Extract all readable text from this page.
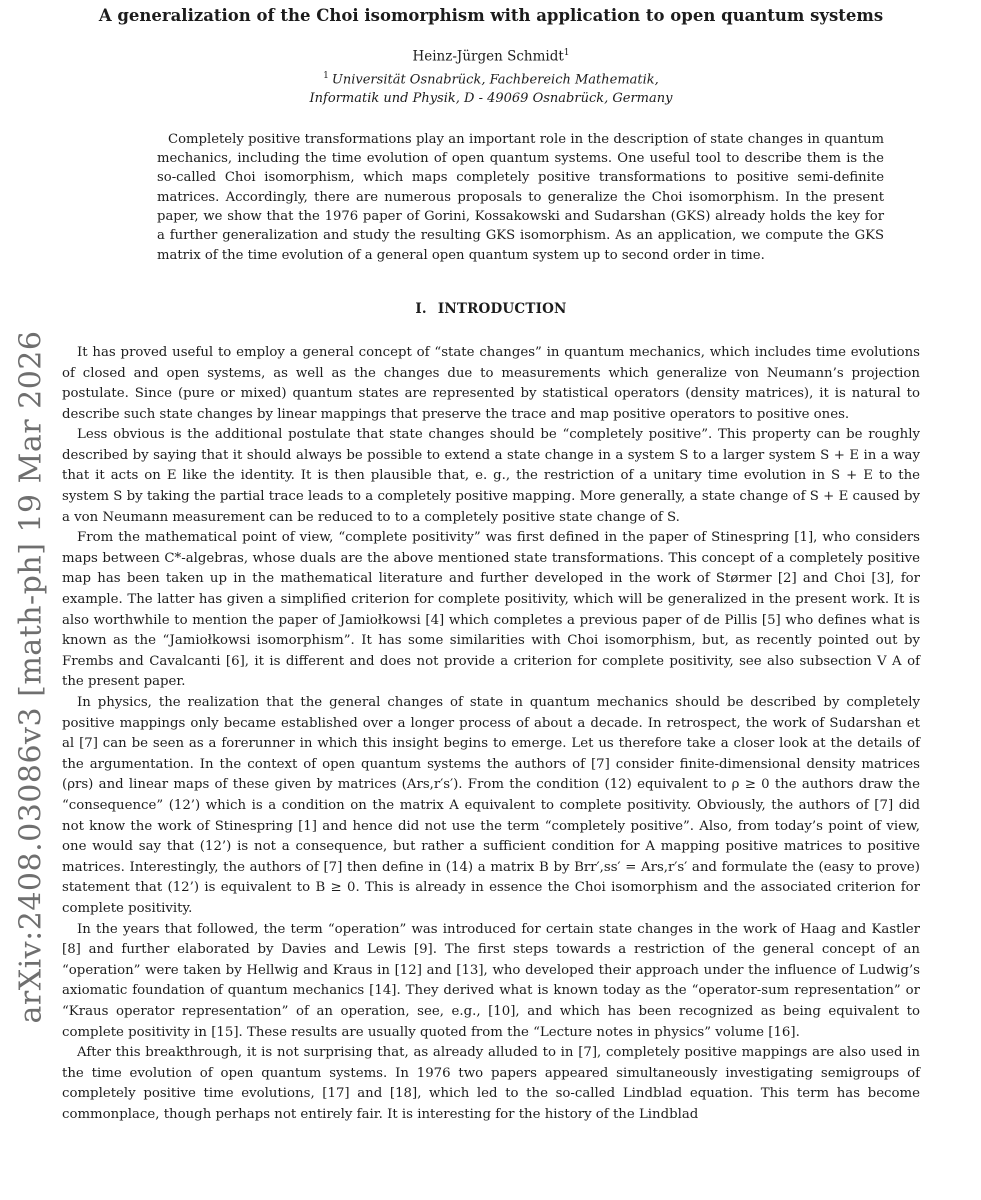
arXiv:2408.03086v3 [math-ph] 19 Mar 2026
A generalization of the Choi isomorphism with application to open quantum systems
Heinz-Jürgen Schmidt$^1$
$^1$ Universität Osnabrück, Fachbereich Mathematik,
Informatik und Physik, D - 49069 Osnabrück, Germany

Completely positive transformations play an important role in the description of state changes in quantum mechanics, including the time evolution of open quantum systems. One useful tool to describe them is the so-called Choi isomorphism, which maps completely positive transformations to positive semi-definite matrices. Accordingly, there are numerous proposals to generalize the Choi isomorphism. In the present paper, we show that the 1976 paper of Gorini, Kossakowski and Sudarshan (GKS) already holds the key for a further generalization and study the resulting GKS isomorphism. As an application, we compute the GKS matrix of the time evolution of a general open quantum system up to second order in time.

I. INTRODUCTION

It has proved useful to employ a general concept of “state changes” in quantum mechanics, which includes time evolutions of closed and open systems, as well as the changes due to measurements which generalize von Neumann’s projection postulate. Since (pure or mixed) quantum states are represented by statistical operators (density matrices), it is natural to describe such state changes by linear mappings that preserve the trace and map positive operators to positive ones.

Less obvious is the additional postulate that state changes should be “completely positive”. This property can be roughly described by saying that it should always be possible to extend a state change in a system S to a larger system S + E in a way that it acts on E like the identity. It is then plausible that, e. g., the restriction of a unitary time evolution in S + E to the system S by taking the partial trace leads to a completely positive mapping. More generally, a state change of S + E caused by a von Neumann measurement can be reduced to to a completely positive state change of S.

From the mathematical point of view, “complete positivity” was first defined in the paper of Stinespring [1], who considers maps between C*-algebras, whose duals are the above mentioned state transformations. This concept of a completely positive map has been taken up in the mathematical literature and further developed in the work of Størmer [2] and Choi [3], for example. The latter has given a simplified criterion for complete positivity, which will be generalized in the present work. It is also worthwhile to mention the paper of Jamiołkowsi [4] which completes a previous paper of de Pillis [5] who defines what is known as the “Jamiołkowsi isomorphism”. It has some similarities with Choi isomorphism, but, as recently pointed out by Frembs and Cavalcanti [6], it is different and does not provide a criterion for complete positivity, see also subsection V A of the present paper.

In physics, the realization that the general changes of state in quantum mechanics should be described by completely positive mappings only became established over a longer process of about a decade. In retrospect, the work of Sudarshan et al [7] can be seen as a forerunner in which this insight begins to emerge. Let us therefore take a closer look at the details of the argumentation. In the context of open quantum systems the authors of [7] consider finite-dimensional density matrices (ρrs) and linear maps of these given by matrices (Ars,r′s′). From the condition (12) equivalent to ρ ≥ 0 the authors draw the “consequence” (12’) which is a condition on the matrix A equivalent to complete positivity. Obviously, the authors of [7] did not know the work of Stinespring [1] and hence did not use the term “completely positive”. Also, from today’s point of view, one would say that (12’) is not a consequence, but rather a sufficient condition for A mapping positive matrices to positive matrices. Interestingly, the authors of [7] then define in (14) a matrix B by Brr′,ss′ = Ars,r′s′ and formulate the (easy to prove) statement that (12’) is equivalent to B ≥ 0. This is already in essence the Choi isomorphism and the associated criterion for complete positivity.

In the years that followed, the term “operation” was introduced for certain state changes in the work of Haag and Kastler [8] and further elaborated by Davies and Lewis [9]. The first steps towards a restriction of the general concept of an “operation” were taken by Hellwig and Kraus in [12] and [13], who developed their approach under the influence of Ludwig’s axiomatic foundation of quantum mechanics [14]. They derived what is known today as the “operator-sum representation” or “Kraus operator representation” of an operation, see, e.g., [10], and which has been recognized as being equivalent to complete positivity in [15]. These results are usually quoted from the “Lecture notes in physics” volume [16].

After this breakthrough, it is not surprising that, as already alluded to in [7], completely positive mappings are also used in the time evolution of open quantum systems. In 1976 two papers appeared simultaneously investigating semigroups of completely positive time evolutions, [17] and [18], which led to the so-called Lindblad equation. This term has become commonplace, though perhaps not entirely fair. It is interesting for the history of the Lindblad
